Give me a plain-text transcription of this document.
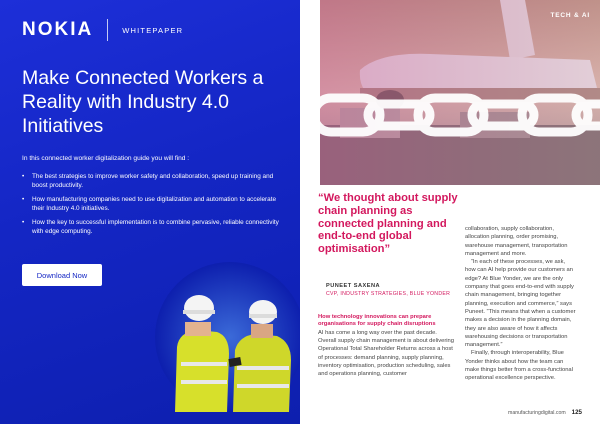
NOKIA	WHITEPAPER
Make Connected Workers a Reality with Industry 4.0 Initiatives

In this connected worker digitalization guide you will find :

• The best strategies to improve worker safety and collaboration, speed up training and boost productivity.
• How manufacturing companies need to use digitalization and automation to accelerate their Industry 4.0 initiatives.
• How the key to successful implementation is to combine pervasive, reliable connectivity with edge computing.
Download Now
TECH & AI
“We thought about supply chain planning as connected planning and end-to-end global optimisation”
PUNEET SAXENA
CVP, INDUSTRY STRATEGIES, BLUE YONDER
How technology innovations can prepare organisations for supply chain disruptions

AI has come a long way over the past decade. Overall supply chain management is about delivering Operational Total Shareholder Returns across a host of processes: demand planning, supply planning, inventory optimisation, production scheduling, sales and operations planning, customer

collaboration, supply collaboration, allocation planning, order promising, warehouse management, transportation management and more.

“In each of these processes, we ask, how can AI help provide our customers an edge? At Blue Yonder, we are the only company that goes end-to-end with supply chain management, bringing together planning, execution and commerce,” says Puneet. “This means that when a customer makes a decision in the planning domain, they are also aware of how it affects warehousing decisions or transportation management.”

Finally, through interoperability, Blue Yonder thinks about how the team can make things better from a cross-functional operational excellence perspective.

manufacturingdigital.com 125
